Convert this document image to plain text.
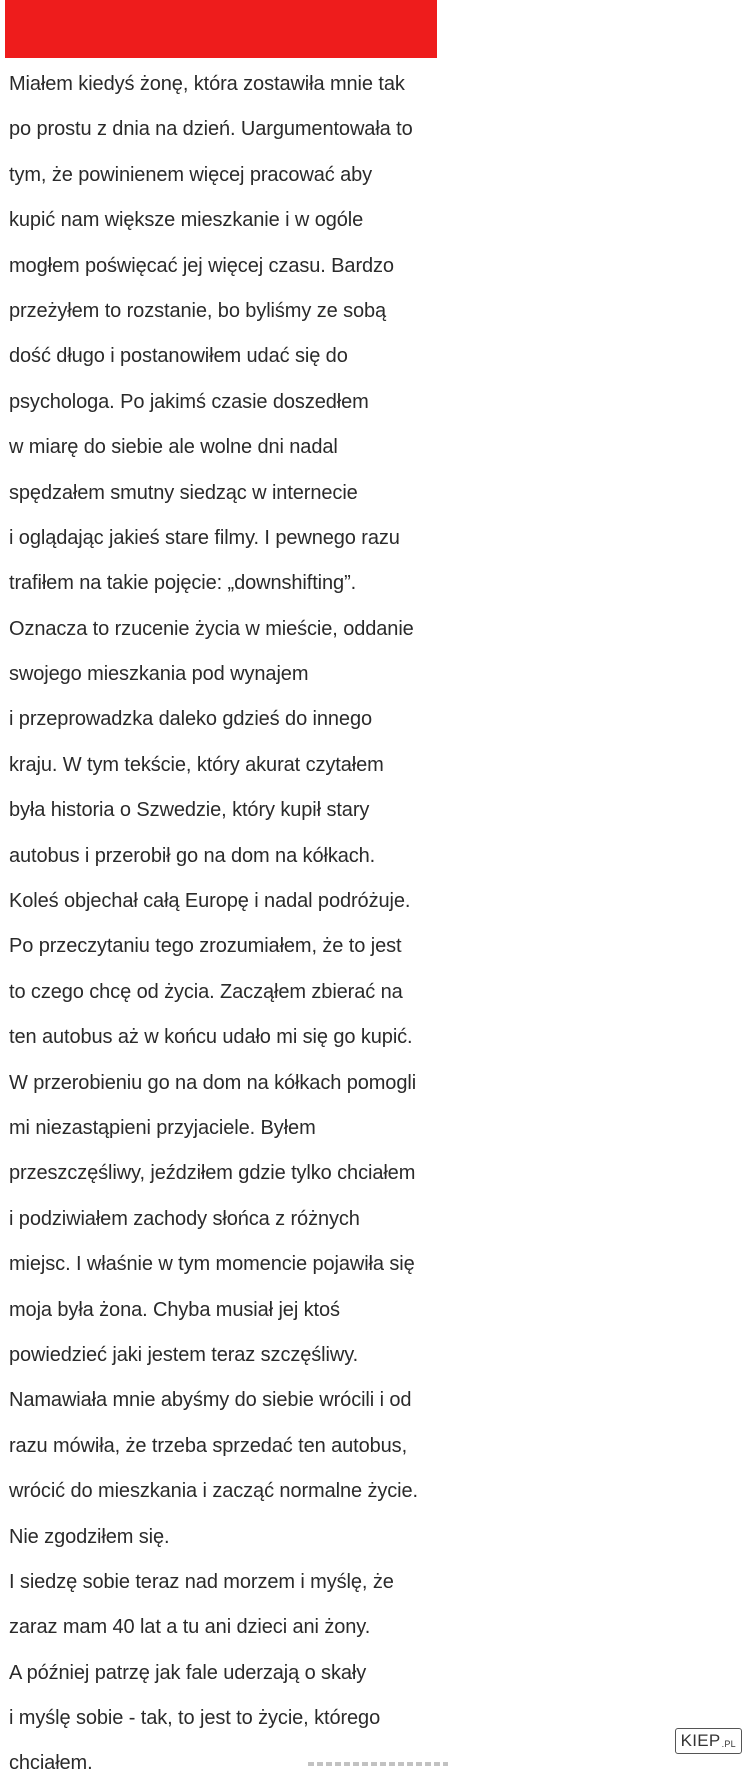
Miałem kiedyś żonę, która zostawiła mnie tak
po prostu z dnia na dzień. Uargumentowała to
tym, że powinienem więcej pracować aby
kupić nam większe mieszkanie i w ogóle
mogłem poświęcać jej więcej czasu. Bardzo
przeżyłem to rozstanie, bo byliśmy ze sobą
dość długo i postanowiłem udać się do
psychologa. Po jakimś czasie doszedłem
w miarę do siebie ale wolne dni nadal
spędzałem smutny siedząc w internecie
i oglądając jakieś stare filmy. I pewnego razu
trafiłem na takie pojęcie: „downshifting”.
Oznacza to rzucenie życia w mieście, oddanie
swojego mieszkania pod wynajem
i przeprowadzka daleko gdzieś do innego
kraju. W tym tekście, który akurat czytałem
była historia o Szwedzie, który kupił stary
autobus i przerobił go na dom na kółkach.
Koleś objechał całą Europę i nadal podróżuje.
Po przeczytaniu tego zrozumiałem, że to jest
to czego chcę od życia. Zacząłem zbierać na
ten autobus aż w końcu udało mi się go kupić.
W przerobieniu go na dom na kółkach pomogli
mi niezastąpieni przyjaciele. Byłem
przeszczęśliwy, jeździłem gdzie tylko chciałem
i podziwiałem zachody słońca z różnych
miejsc. I właśnie w tym momencie pojawiła się
moja była żona. Chyba musiał jej ktoś
powiedzieć jaki jestem teraz szczęśliwy.
Namawiała mnie abyśmy do siebie wrócili i od
razu mówiła, że trzeba sprzedać ten autobus,
wrócić do mieszkania i zacząć normalne życie.
Nie zgodziłem się.
I siedzę sobie teraz nad morzem i myślę, że
zaraz mam 40 lat a tu ani dzieci ani żony.
A później patrzę jak fale uderzają o skały
i myślę sobie - tak, to jest to życie, którego
chciałem.
KIEP .PL
